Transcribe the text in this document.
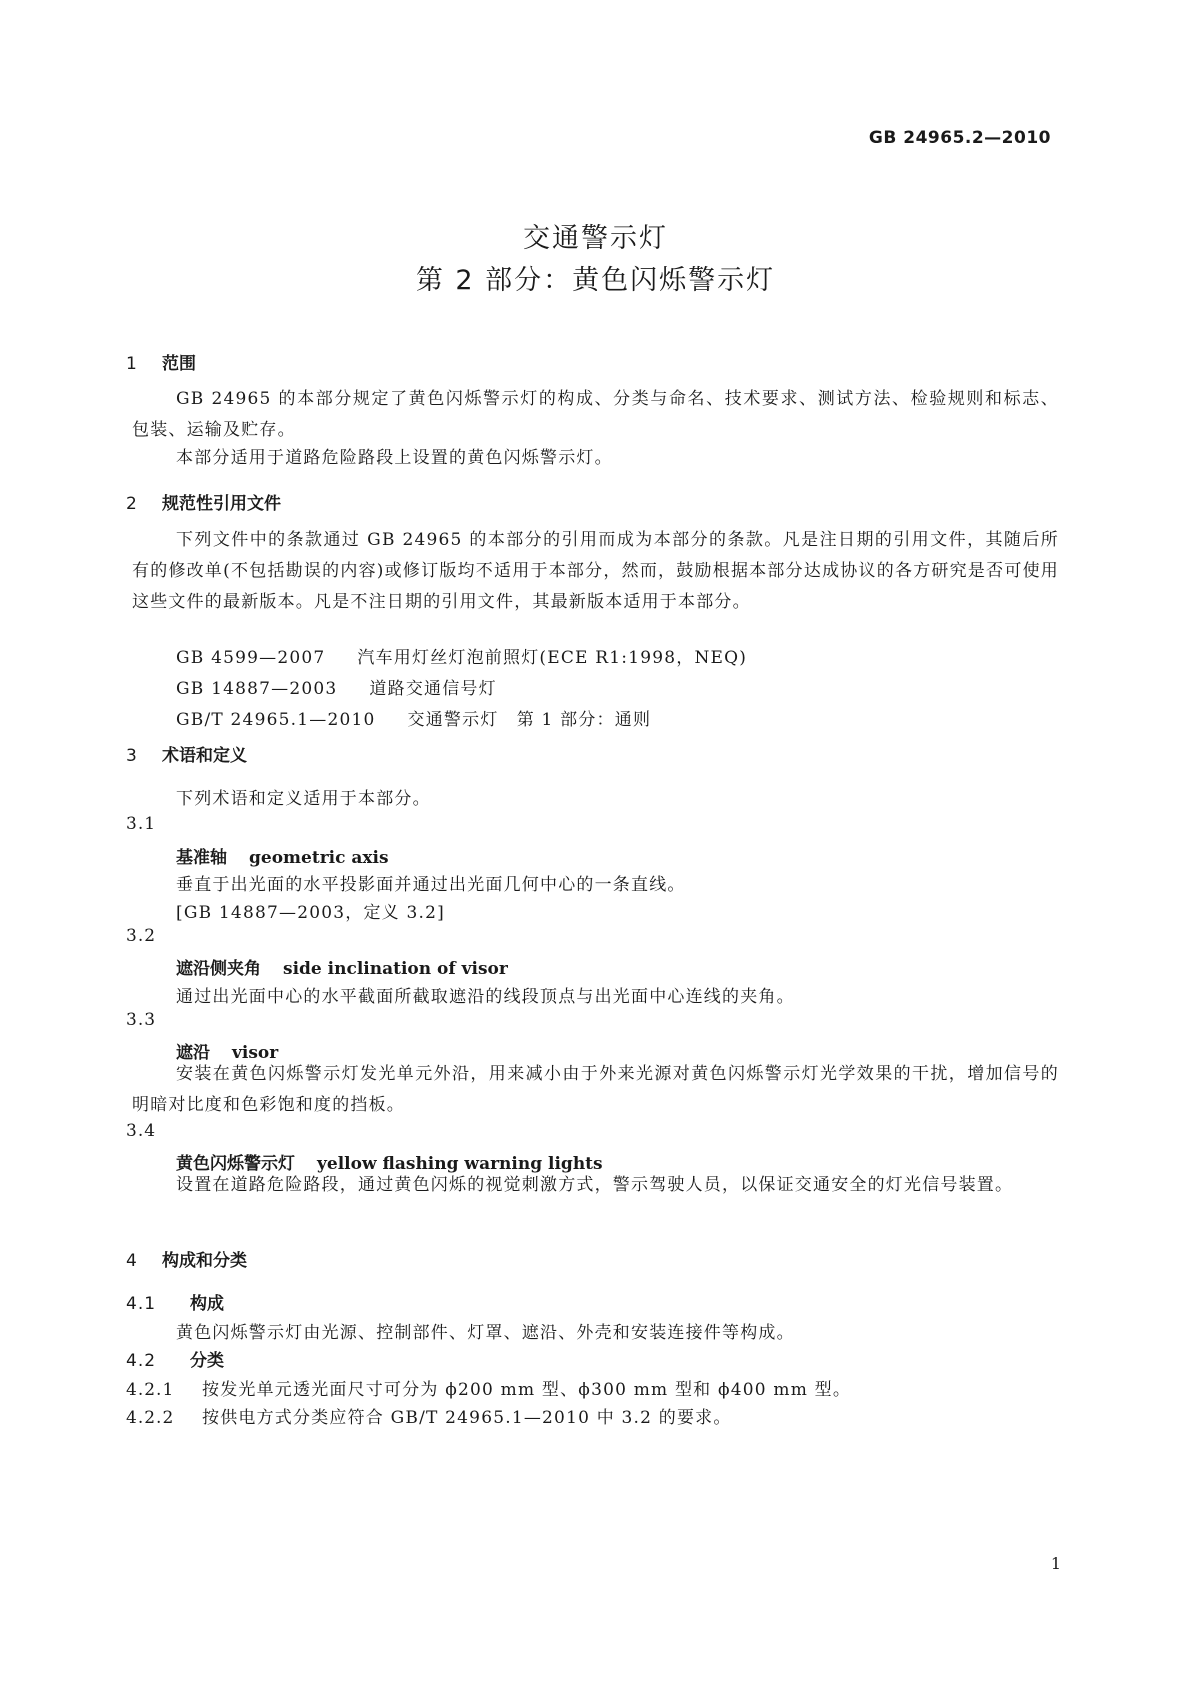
GB 24965.2—2010
交通警示灯
第 2 部分：黄色闪烁警示灯
1 范围
GB 24965 的本部分规定了黄色闪烁警示灯的构成、分类与命名、技术要求、测试方法、检验规则和标志、包装、运输及贮存。
本部分适用于道路危险路段上设置的黄色闪烁警示灯。
2 规范性引用文件
下列文件中的条款通过 GB 24965 的本部分的引用而成为本部分的条款。凡是注日期的引用文件，其随后所有的修改单(不包括勘误的内容)或修订版均不适用于本部分，然而，鼓励根据本部分达成协议的各方研究是否可使用这些文件的最新版本。凡是不注日期的引用文件，其最新版本适用于本部分。
GB 4599—2007 汽车用灯丝灯泡前照灯(ECE R1:1998，NEQ)
GB 14887—2003 道路交通信号灯
GB/T 24965.1—2010 交通警示灯　第 1 部分：通则
3 术语和定义
下列术语和定义适用于本部分。
3.1
基准轴 geometric axis
垂直于出光面的水平投影面并通过出光面几何中心的一条直线。
[GB 14887—2003，定义 3.2]
3.2
遮沿侧夹角 side inclination of visor
通过出光面中心的水平截面所截取遮沿的线段顶点与出光面中心连线的夹角。
3.3
遮沿 visor
安装在黄色闪烁警示灯发光单元外沿，用来减小由于外来光源对黄色闪烁警示灯光学效果的干扰，增加信号的明暗对比度和色彩饱和度的挡板。
3.4
黄色闪烁警示灯 yellow flashing warning lights
设置在道路危险路段，通过黄色闪烁的视觉刺激方式，警示驾驶人员，以保证交通安全的灯光信号装置。
4 构成和分类
4.1 构成
黄色闪烁警示灯由光源、控制部件、灯罩、遮沿、外壳和安装连接件等构成。
4.2 分类
4.2.1 按发光单元透光面尺寸可分为 ϕ200 mm 型、ϕ300 mm 型和 ϕ400 mm 型。
4.2.2 按供电方式分类应符合 GB/T 24965.1—2010 中 3.2 的要求。
1
